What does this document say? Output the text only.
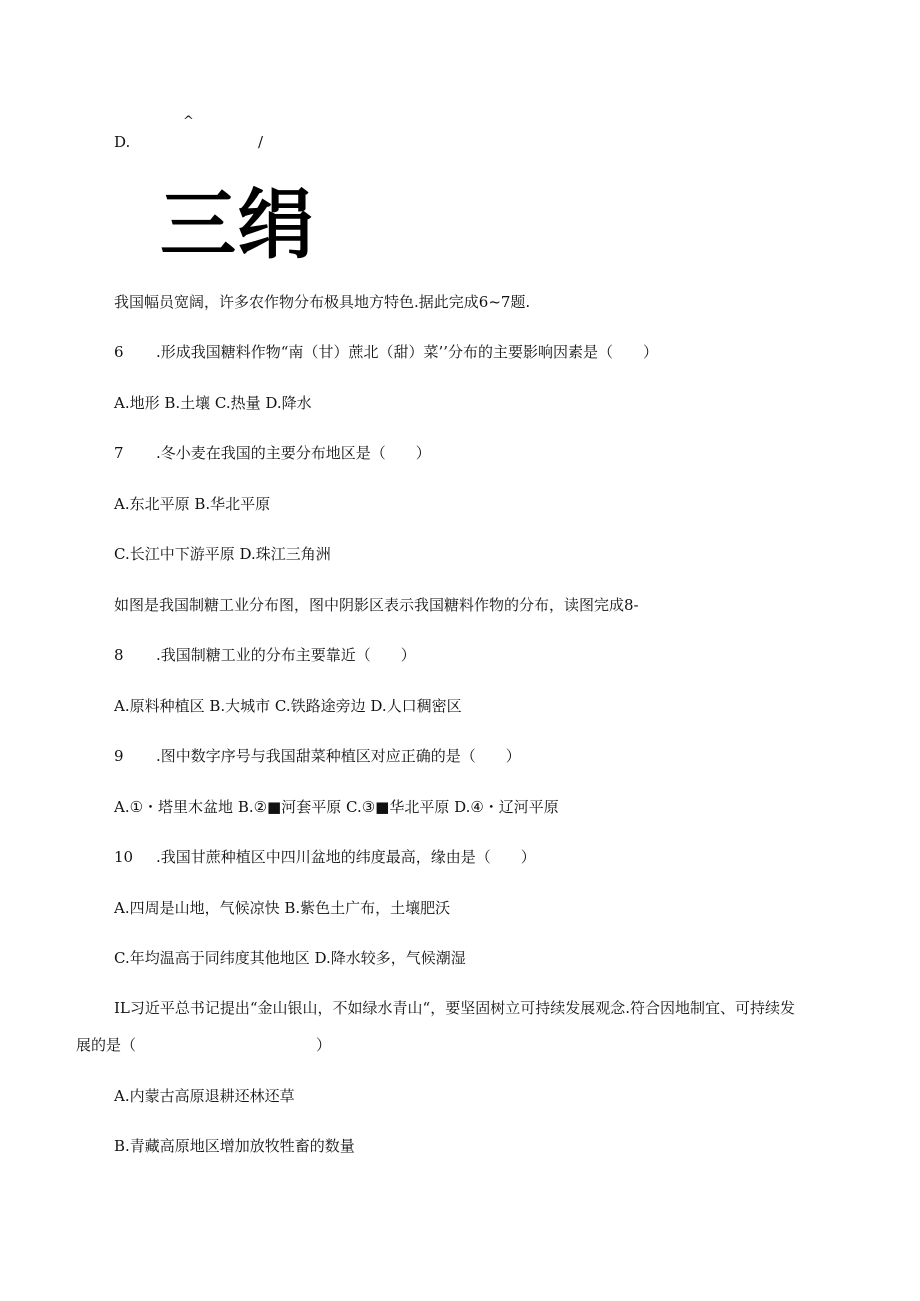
^
D.	/
三绢
我国幅员宽阔，许多农作物分布极具地方特色.据此完成6~7题.
6 .形成我国糖料作物“南（甘）蔗北（甜）菜’’分布的主要影响因素是（　　）
A.地形 B.土壤 C.热量 D.降水
7 .冬小麦在我国的主要分布地区是（　　）
A.东北平原 B.华北平原
C.长江中下游平原 D.珠江三角洲
如图是我国制糖工业分布图，图中阴影区表示我国糖料作物的分布，读图完成8-
8 .我国制糖工业的分布主要靠近（　　）
A.原料种植区 B.大城市 C.铁路途旁边 D.人口稠密区
9 .图中数字序号与我国甜菜种植区对应正确的是（　　）
A.①・塔里木盆地 B.②■河套平原 C.③■华北平原 D.④・辽河平原
10 .我国甘蔗种植区中四川盆地的纬度最高，缘由是（　　）
A.四周是山地，气候凉快 B.紫色土广布，土壤肥沃
C.年均温高于同纬度其他地区 D.降水较多，气候潮湿
IL习近平总书记提出“金山银山，不如绿水青山“，要坚固树立可持续发展观念.符合因地制宜、可持续发
展的是（　　　　　　　　　　　　）
A.内蒙古高原退耕还林还草
B.青藏高原地区增加放牧牲畜的数量
